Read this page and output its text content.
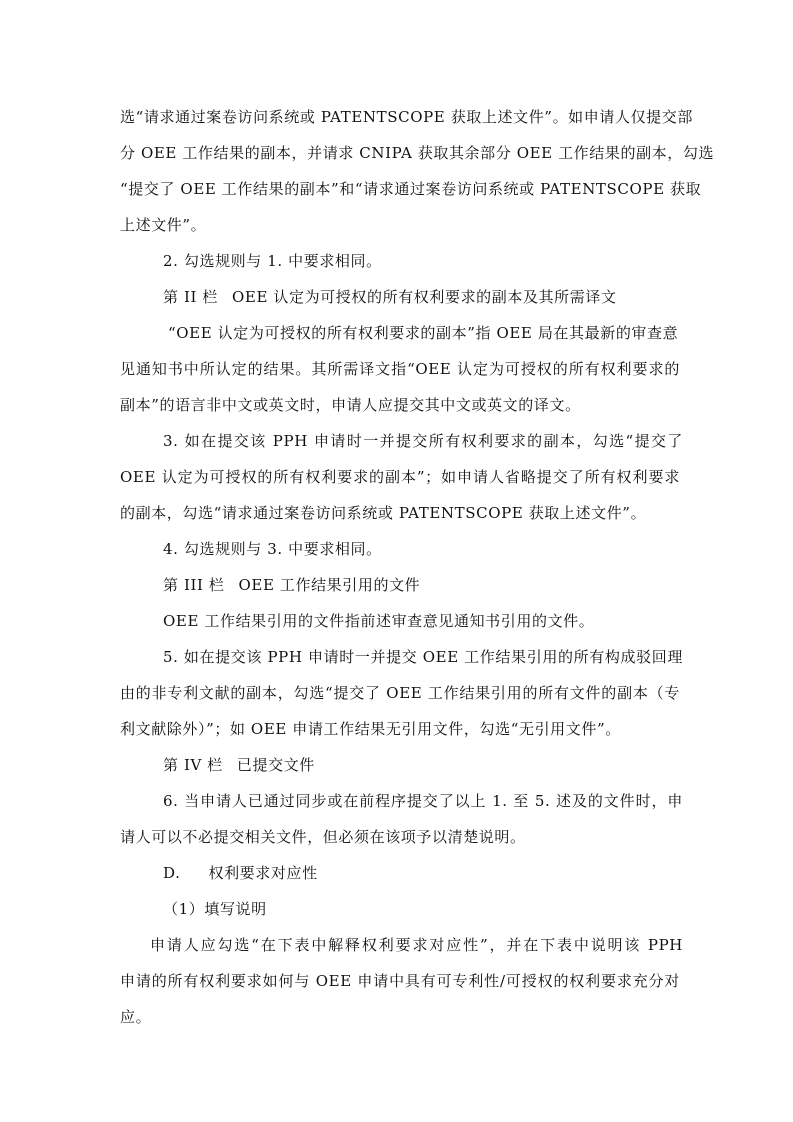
选“请求通过案卷访问系统或 PATENTSCOPE 获取上述文件”。如申请人仅提交部
分 OEE 工作结果的副本，并请求 CNIPA 获取其余部分 OEE 工作结果的副本，勾选
“提交了 OEE 工作结果的副本”和“请求通过案卷访问系统或 PATENTSCOPE 获取
上述文件”。
2. 勾选规则与 1. 中要求相同。
第 II 栏 OEE 认定为可授权的所有权利要求的副本及其所需译文
“OEE 认定为可授权的所有权利要求的副本”指 OEE 局在其最新的审查意
见通知书中所认定的结果。其所需译文指“OEE 认定为可授权的所有权利要求的
副本”的语言非中文或英文时，申请人应提交其中文或英文的译文。
3. 如在提交该 PPH 申请时一并提交所有权利要求的副本，勾选“提交了
OEE 认定为可授权的所有权利要求的副本”；如申请人省略提交了所有权利要求
的副本，勾选“请求通过案卷访问系统或 PATENTSCOPE 获取上述文件”。
4. 勾选规则与 3. 中要求相同。
第 III 栏 OEE 工作结果引用的文件
OEE 工作结果引用的文件指前述审查意见通知书引用的文件。
5. 如在提交该 PPH 申请时一并提交 OEE 工作结果引用的所有构成驳回理
由的非专利文献的副本，勾选“提交了 OEE 工作结果引用的所有文件的副本（专
利文献除外）”；如 OEE 申请工作结果无引用文件，勾选“无引用文件”。
第 IV 栏 已提交文件
6. 当申请人已通过同步或在前程序提交了以上 1. 至 5. 述及的文件时，申
请人可以不必提交相关文件，但必须在该项予以清楚说明。
D. 权利要求对应性
（1）填写说明
申请人应勾选“在下表中解释权利要求对应性”，并在下表中说明该 PPH
申请的所有权利要求如何与 OEE 申请中具有可专利性/可授权的权利要求充分对
应。
